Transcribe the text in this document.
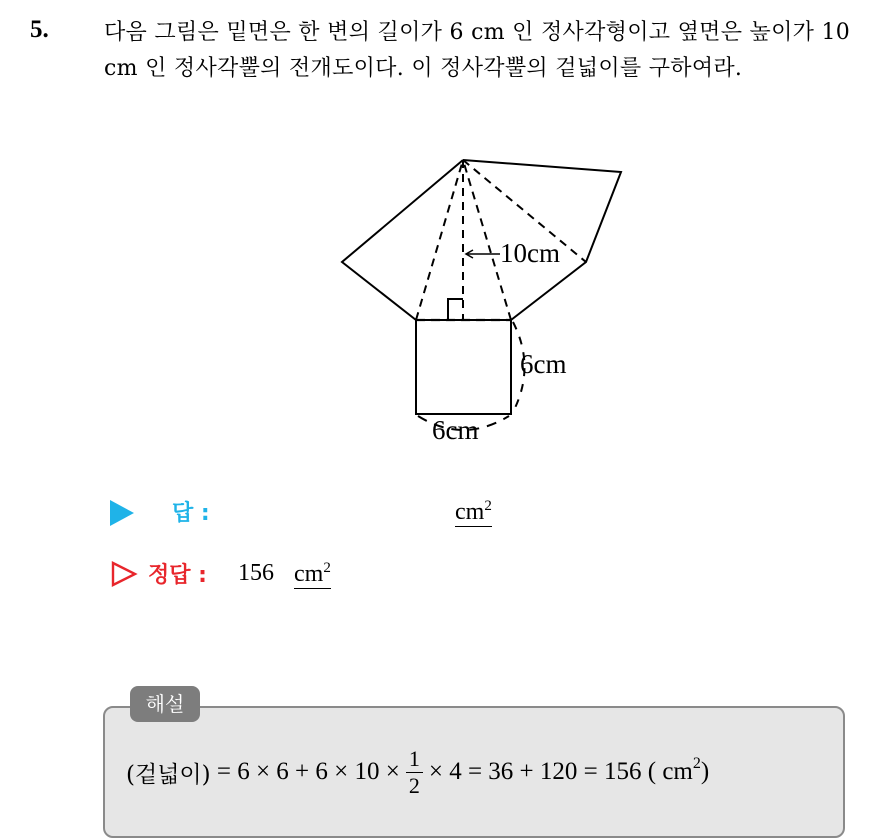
5.	다음 그림은 밑면은 한 변의 길이가 6 cm 인 정사각형이고 옆면은 높이가 10 cm 인 정사각뿔의 전개도이다. 이 정사각뿔의 겉넓이를 구하여라.
10cm
6cm
6cm
답 :	$cm^2$
정답 : 156 $cm^2$
해설
(겉넓이)
= $6 \times 6 + 6 \times 10 \times \frac{1}{2} \times 4 = 36 + 120 = 156$ ( cm 2 )
